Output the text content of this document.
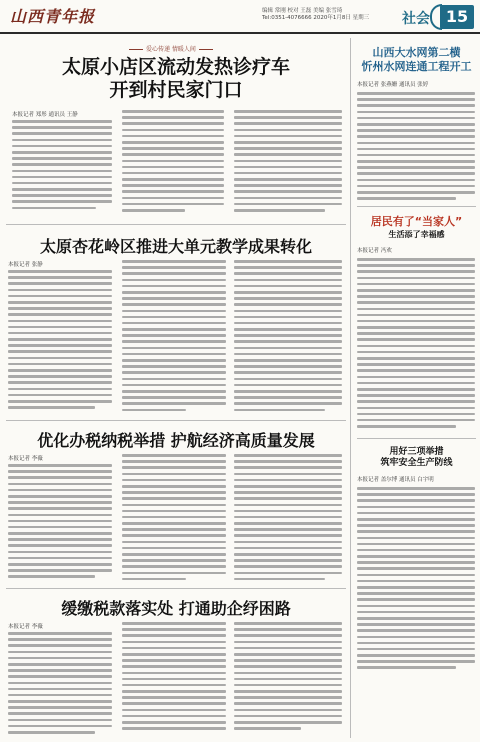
山西青年报	编辑 常刚 校对 王磊 美编 张雪琦
Tel:0351-4076666 2020年1月8日 星期三 社会 15
爱心传递 情暖人间
太原小店区流动发热诊疗车
开到村民家门口
本报记者 郑彤 通讯员 王静
太原杏花岭区推进大单元教学成果转化
本报记者 张静
优化办税纳税举措 护航经济高质量发展
本报记者 李薇
缓缴税款落实处 打通助企纾困路
本报记者 李薇
山西大水网第二横
忻州水网连通工程开工
本报记者 张燕姗 通讯员 张婷
居民有了“当家人”
生活添了幸福感
本报记者 冯欢
用好三项举措
筑牢安全生产防线
本报记者 盖尔博 通讯员 白宇明
